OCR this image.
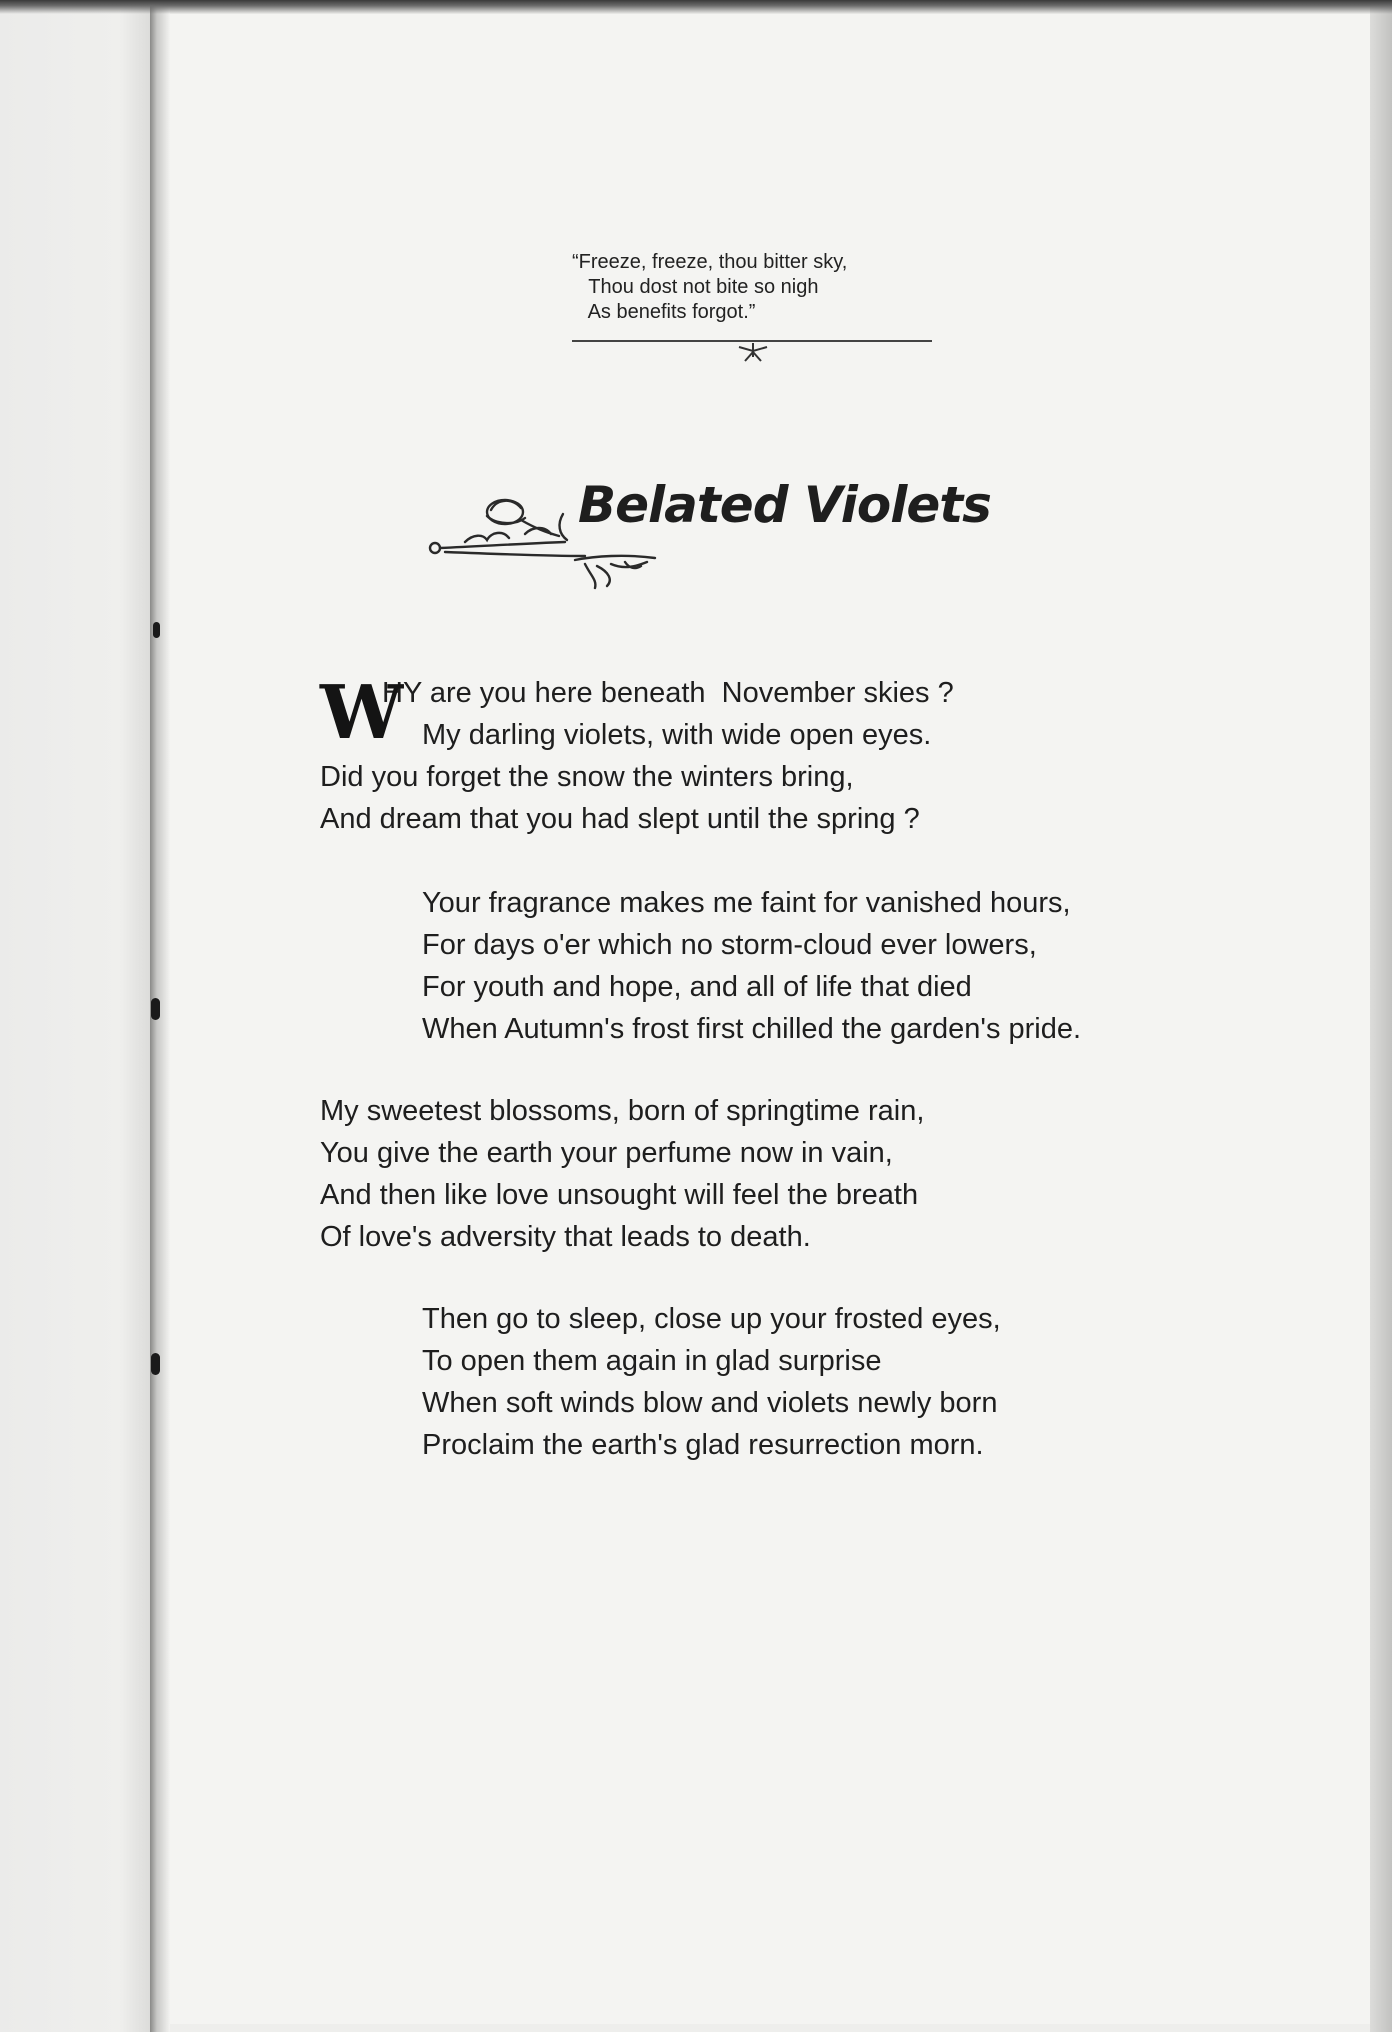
“Freeze, freeze, thou bitter sky,
Thou dost not bite so nigh
As benefits forgot.”
Belated Violets
W
HY are you here beneath  November skies ?
My darling violets, with wide open eyes.
Did you forget the snow the winters bring,
And dream that you had slept until the spring ?
Your fragrance makes me faint for vanished hours,
For days o'er which no storm-cloud ever lowers,
For youth and hope, and all of life that died
When Autumn's frost first chilled the garden's pride.
My sweetest blossoms, born of springtime rain,
You give the earth your perfume now in vain,
And then like love unsought will feel the breath
Of love's adversity that leads to death.
Then go to sleep, close up your frosted eyes,
To open them again in glad surprise
When soft winds blow and violets newly born
Proclaim the earth's glad resurrection morn.
